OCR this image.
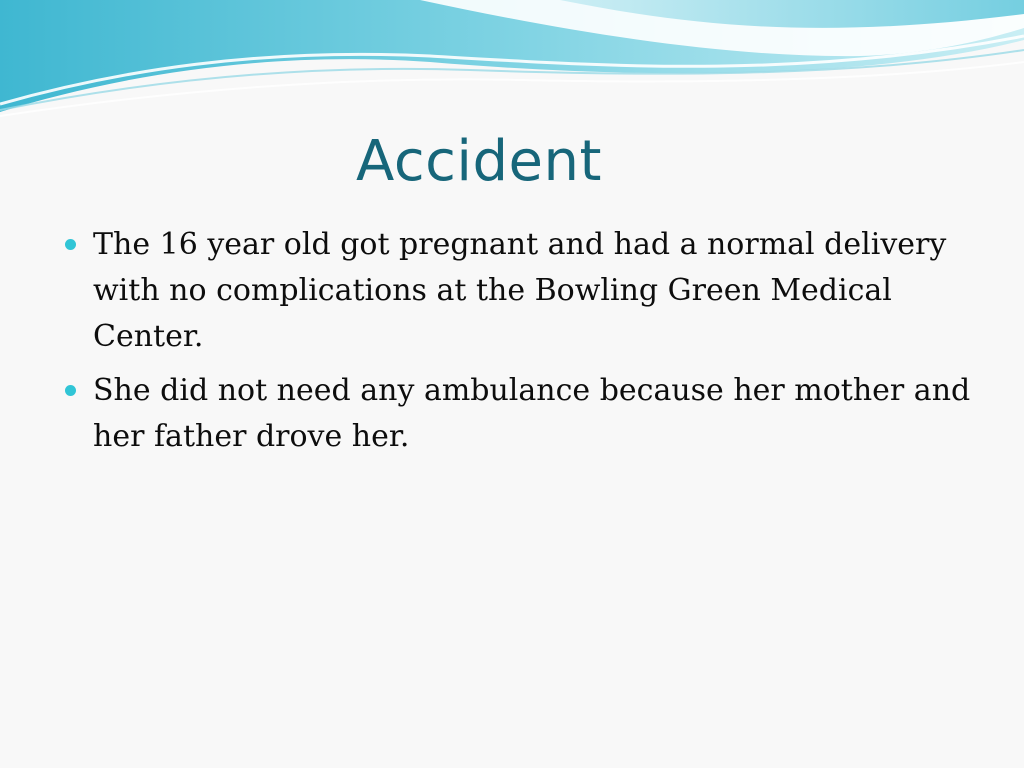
Accident
The 16 year old got pregnant and had a normal delivery with no complications at the Bowling Green Medical Center.
She did not need any ambulance because her mother and her father drove her.
